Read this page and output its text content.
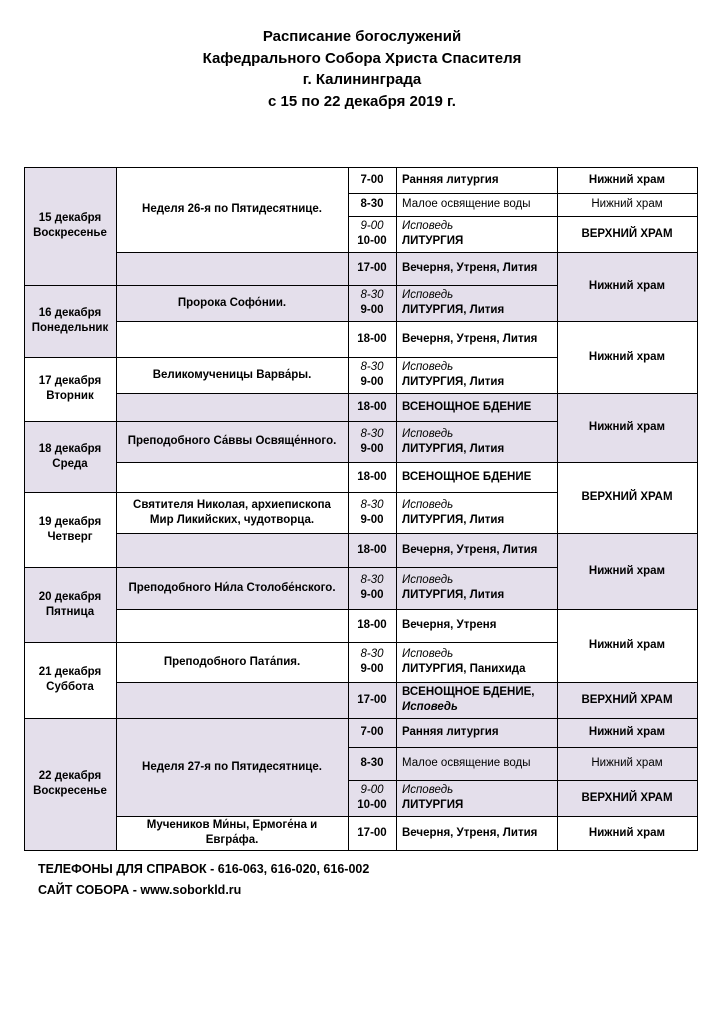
Расписание богослужений
Кафедрального Собора Христа Спасителя
г. Калининграда
с 15 по 22 декабря 2019 г.
15 декабря
Воскресенье
16 декабря
Понедельник
17 декабря
Вторник
18 декабря
Среда
19 декабря
Четверг
20 декабря
Пятница
21 декабря
Суббота
22 декабря
Воскресенье
Неделя 26-я по Пятидесятнице.
Пророка Софо́нии.
Великомученицы Варва́ры.
Преподобного Са́ввы Освяще́нного.
Святителя Николая, архиепископа Мир Ликийских, чудотворца.
Преподобного Ни́ла Столобе́нского.
Преподобного Пата́пия.
Неделя 27-я по Пятидесятнице.
Мучеников Ми́ны, Ермоге́на и Евгра́фа.
7-00 Ранняя литургия
8-30 Малое освящение воды
9-00
10-00
Исповедь
ЛИТУРГИЯ
17-00 Вечерня, Утреня, Лития
8-30
9-00
Исповедь
ЛИТУРГИЯ, Лития
18-00 Вечерня, Утреня, Лития
8-30
9-00
Исповедь
ЛИТУРГИЯ, Лития
18-00 ВСЕНОЩНОЕ БДЕНИЕ
8-30
9-00
Исповедь
ЛИТУРГИЯ, Лития
18-00 ВСЕНОЩНОЕ БДЕНИЕ
8-30
9-00
Исповедь
ЛИТУРГИЯ, Лития
18-00 Вечерня, Утреня, Лития
8-30
9-00
Исповедь
ЛИТУРГИЯ, Лития
18-00 Вечерня, Утреня
8-30
9-00
Исповедь
ЛИТУРГИЯ, Панихида
17-00
ВСЕНОЩНОЕ БДЕНИЕ,
Исповедь
7-00 Ранняя литургия
8-30 Малое освящение воды
9-00
10-00
Исповедь
ЛИТУРГИЯ
17-00 Вечерня, Утреня, Лития
Нижний храм
Нижний храм
ВЕРХНИЙ ХРАМ
Нижний храм
Нижний храм
Нижний храм
ВЕРХНИЙ ХРАМ
Нижний храм
Нижний храм
ВЕРХНИЙ ХРАМ
Нижний храм
Нижний храм
ВЕРХНИЙ ХРАМ
Нижний храм
ТЕЛЕФОНЫ ДЛЯ СПРАВОК - 616-063, 616-020, 616-002
САЙТ СОБОРА - www.soborkld.ru
